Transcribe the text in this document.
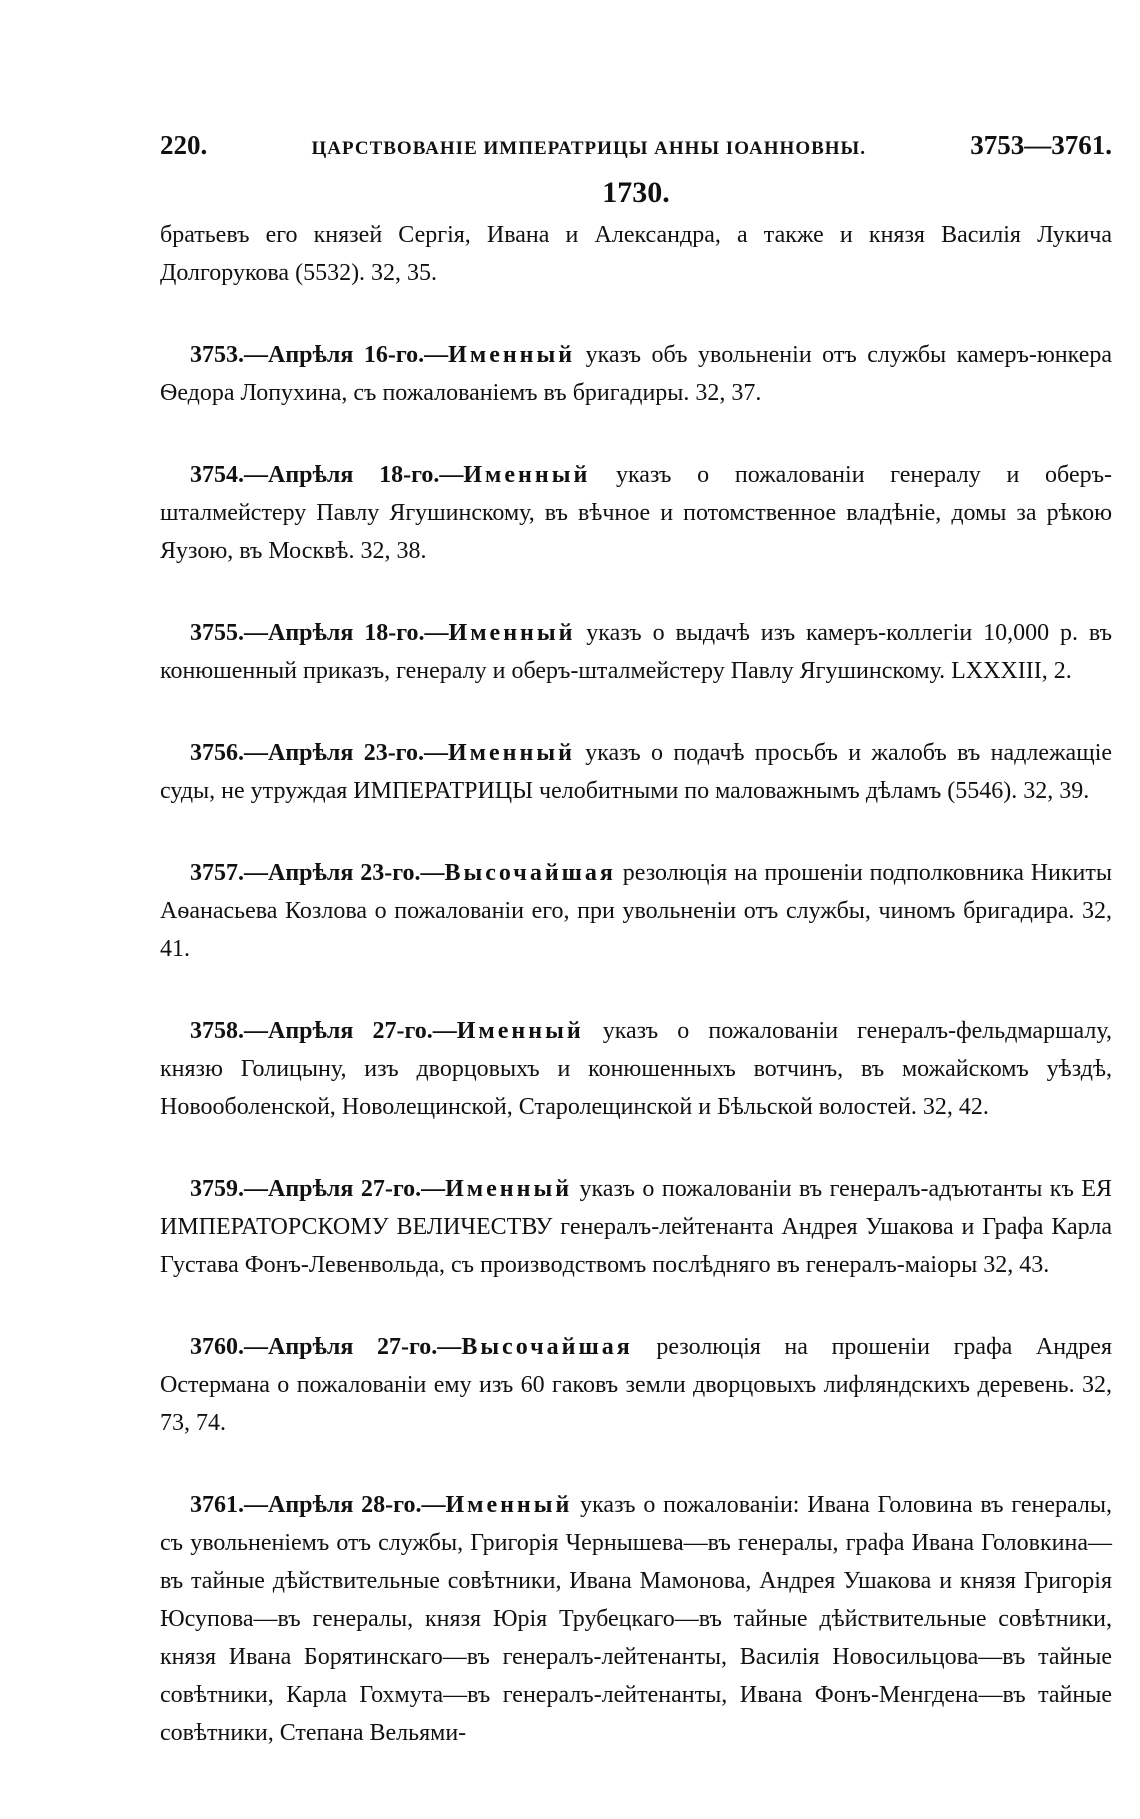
220.	ЦАРСТВОВАНІЕ ИМПЕРАТРИЦЫ АННЫ ІОАННОВНЫ.	3753—3761.
1730.

братьевъ его князей Сергія, Ивана и Александра, а также и князя Василія Лукича Долгорукова (5532). 32, 35.

3753.—Апрѣля 16-го.—Именный указъ объ увольненіи отъ службы камеръ-юнкера Ѳедора Лопухина, съ пожалованіемъ въ бригадиры. 32, 37.

3754.—Апрѣля 18-го.—Именный указъ о пожалованіи генералу и оберъ-шталмейстеру Павлу Ягушинскому, въ вѣчное и потомственное владѣніе, домы за рѣкою Яузою, въ Москвѣ. 32, 38.

3755.—Апрѣля 18-го.—Именный указъ о выдачѣ изъ камеръ-коллегіи 10,000 р. въ конюшенный приказъ, генералу и оберъ-шталмейстеру Павлу Ягушинскому. LXXXIII, 2.

3756.—Апрѣля 23-го.—Именный указъ о подачѣ просьбъ и жалобъ въ надлежащіе суды, не утруждая ИМПЕРАТРИЦЫ челобитными по маловажнымъ дѣламъ (5546). 32, 39.

3757.—Апрѣля 23-го.—Высочайшая резолюція на прошеніи подполковника Никиты Аѳанасьева Козлова о пожалованіи его, при увольненіи отъ службы, чиномъ бригадира. 32, 41.

3758.—Апрѣля 27-го.—Именный указъ о пожалованіи генералъ-фельдмаршалу, князю Голицыну, изъ дворцовыхъ и конюшенныхъ вотчинъ, въ можайскомъ уѣздѣ, Новооболенской, Новолещинской, Старолещинской и Бѣльской волостей. 32, 42.

3759.—Апрѣля 27-го.—Именный указъ о пожалованіи въ генералъ-адъютанты къ ЕЯ ИМПЕРАТОРСКОМУ ВЕЛИЧЕСТВУ генералъ-лейтенанта Андрея Ушакова и Графа Карла Густава Фонъ-Левенвольда, съ произвoдствомъ послѣдняго въ генералъ-маіоры 32, 43.

3760.—Апрѣля 27-го.—Высочайшая резолюція на прошеніи графа Андрея Остермана о пожалованіи ему изъ 60 гаковъ земли дворцовыхъ лифляндскихъ деревень. 32, 73, 74.

3761.—Апрѣля 28-го.—Именный указъ о пожалованіи: Ивана Головина въ генералы, съ увольненіемъ отъ службы, Григорія Чернышева—въ генералы, графа Ивана Головкина—въ тайные дѣйствительные совѣтники, Ивана Мамонова, Андрея Ушакова и князя Григорія Юсупова—въ генералы, князя Юрія Трубецкаго—въ тайные дѣйствительные совѣтники, князя Ивана Борятинскаго—въ генералъ-лейтенанты, Василія Новосильцова—въ тайные совѣтники, Карла Гохмута—въ генералъ-лейтенанты, Ивана Фонъ-Менгдена—въ тайные совѣтники, Степана Вельями-
